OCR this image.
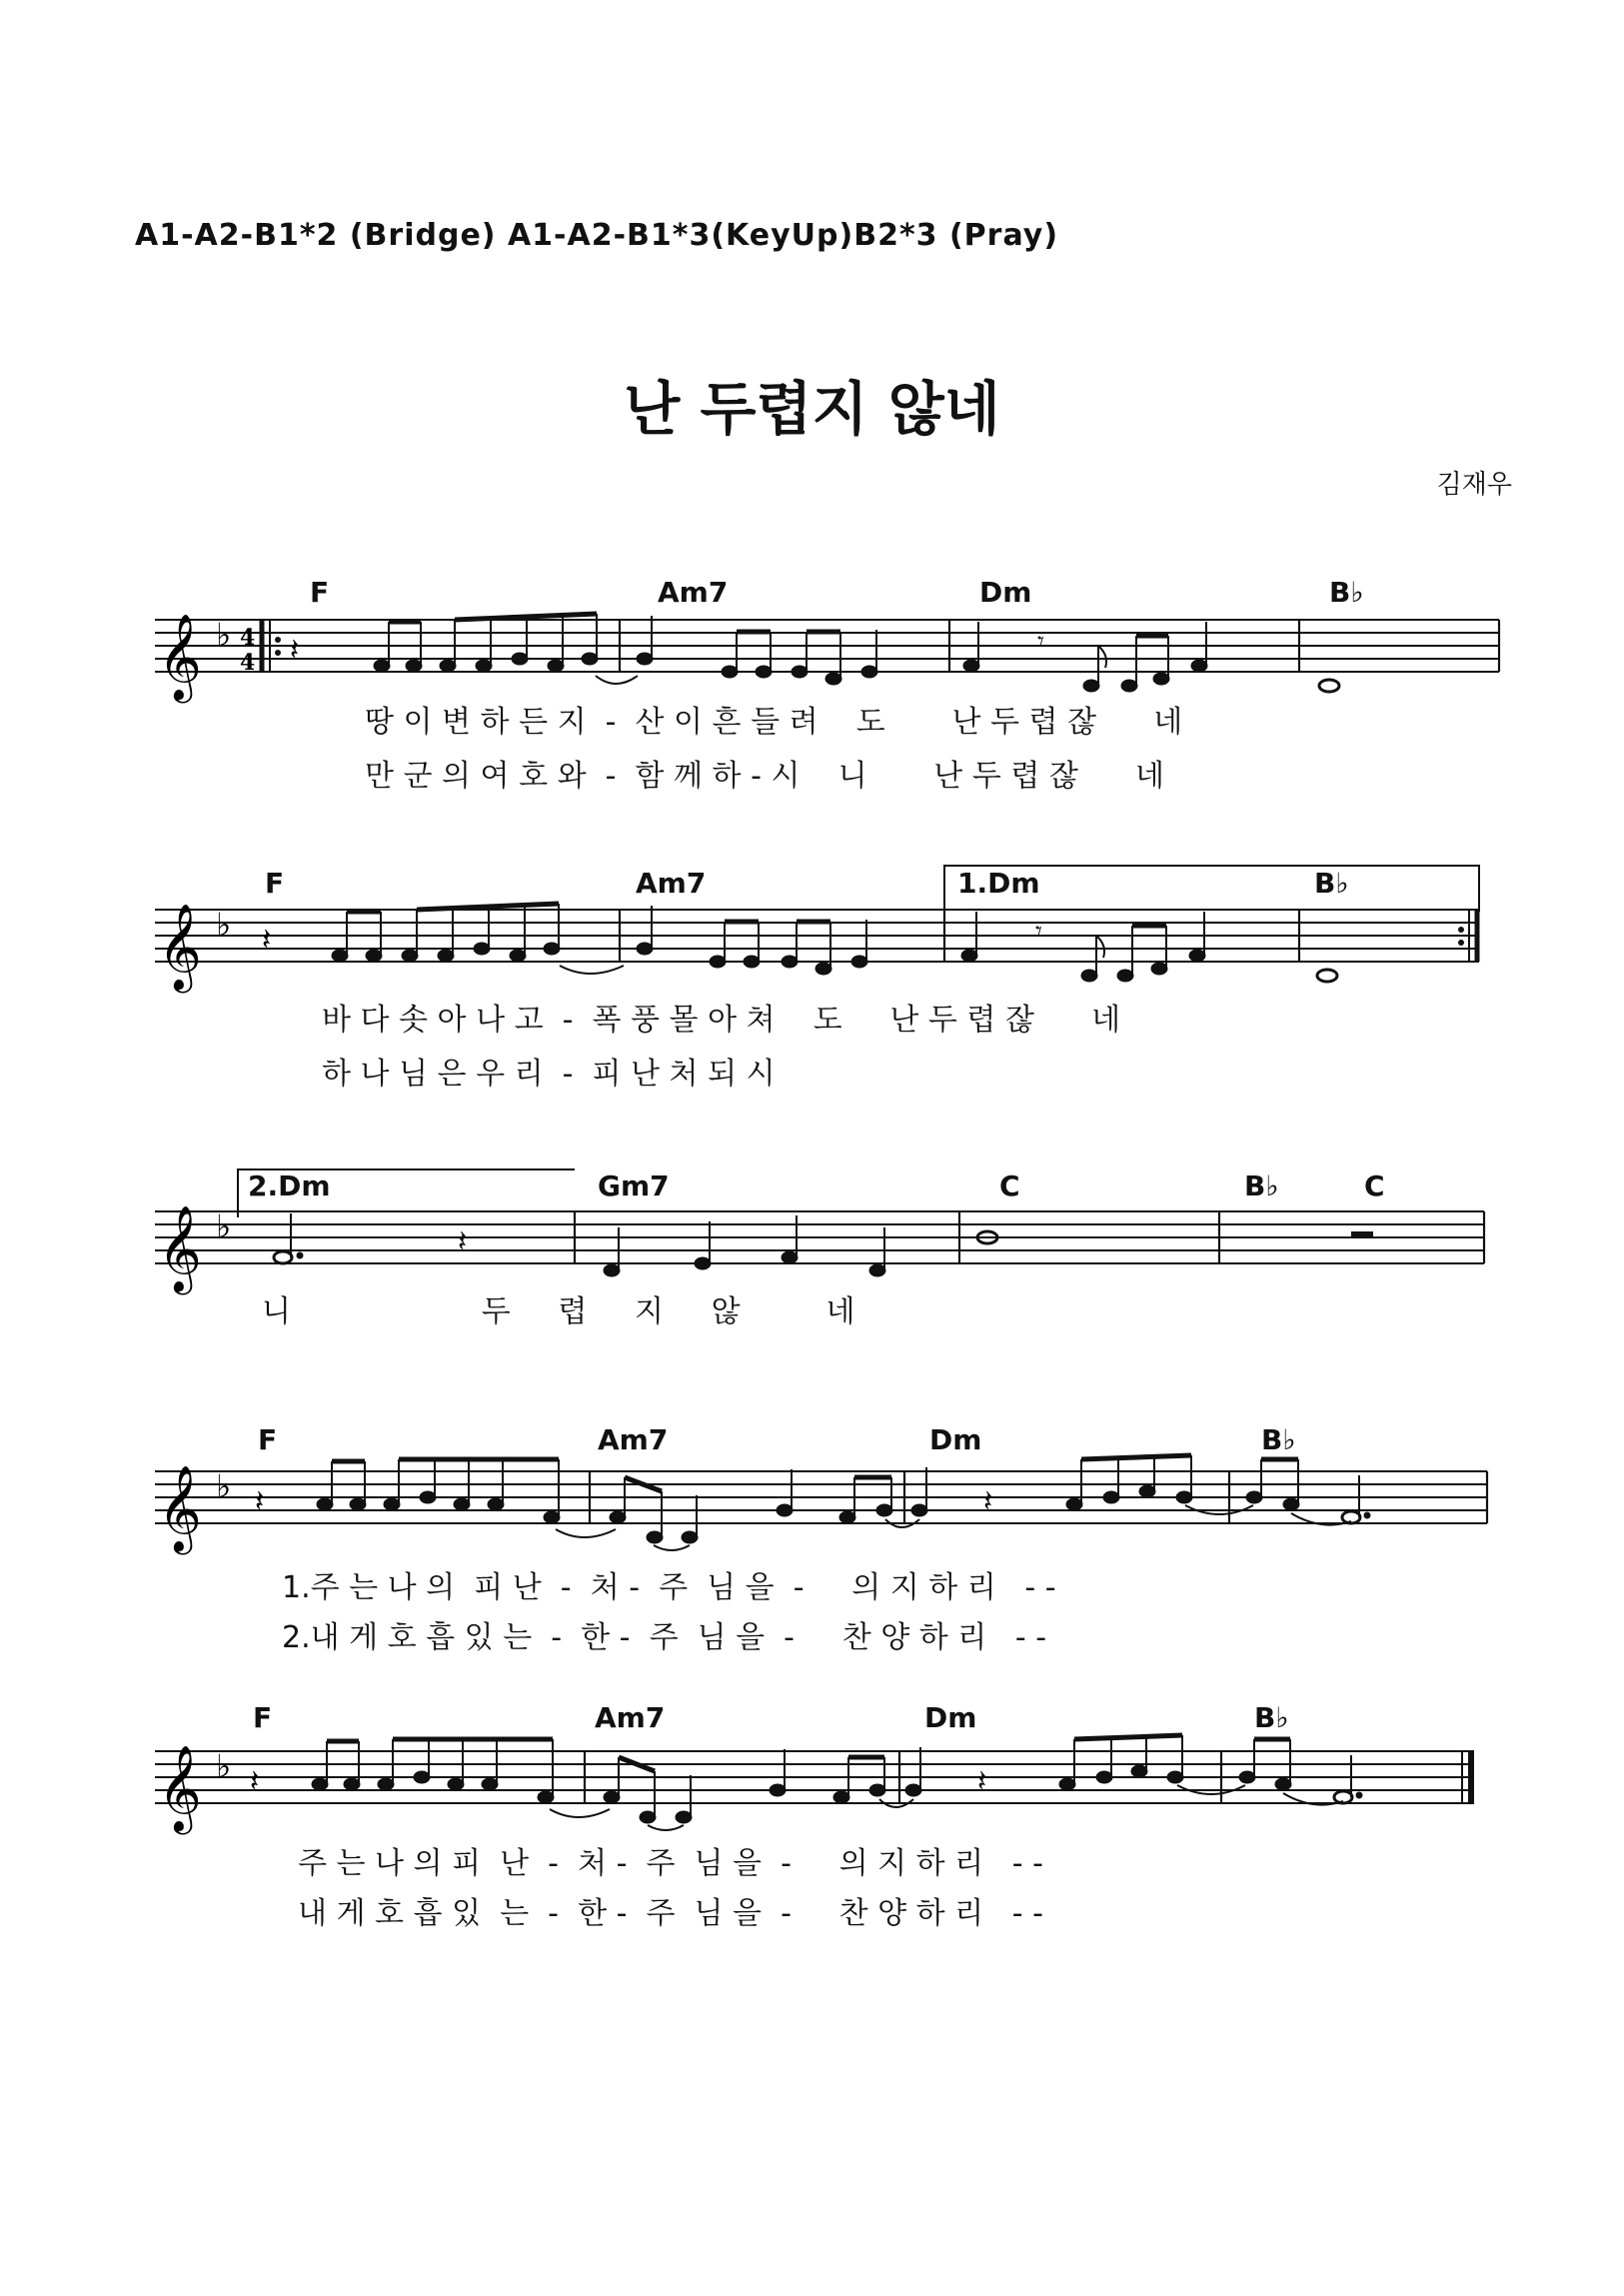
A1-A2-B1*2 (Bridge) A1-A2-B1*3(KeyUp)B2*3 (Pray)
난 두렵지 않네
김재우
F	Am7	Dm	B♭
𝄞 ♭ 4
4 𝄽	𝄾
땅 이 변 하 든 지  -  산 이 흔 들 려    도       난 두 렵 잖      네
만 군 의 여 호 와  -  함 께 하 - 시    니       난 두 렵 잖      네
F	Am7	1.Dm	B♭
𝄞 ♭ 𝄽	𝄾
바 다 솟 아 나 고  -  폭 풍 몰 아 쳐    도     난 두 렵 잖      네
하 나 님 은 우 리  -  피 난 처 되 시
2.Dm	Gm7	C	B♭	C
𝄞 ♭	𝄽
니                    두     렵     지     않         네
F	Am7	Dm	B♭
𝄞 ♭ 𝄽	𝄽
1.주 는 나 의  피 난  -  처 -  주  님 을  -     의 지 하 리   - -
2.내 게 호 흡 있 는  -  한 -  주  님 을  -     찬 양 하 리   - -
F	Am7	Dm	B♭
𝄞 ♭ 𝄽	𝄽
주 는 나 의 피  난  -  처 -  주  님 을  -     의 지 하 리   - -
내 게 호 흡 있  는  -  한 -  주  님 을  -     찬 양 하 리   - -
